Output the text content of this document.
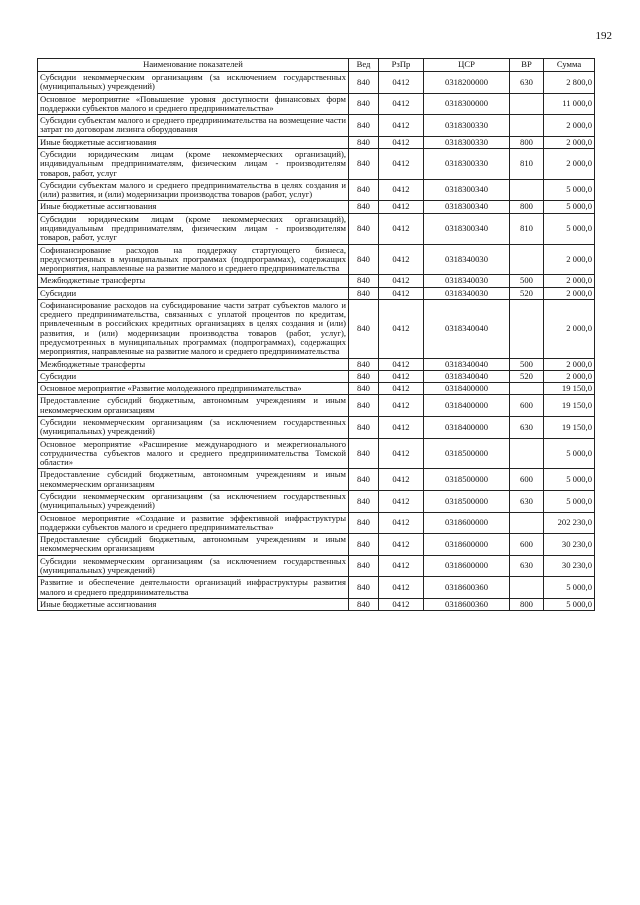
192
Наименование показателей	Вед	РзПр	ЦСР	ВР	Сумма
Субсидии некоммерческим организациям (за исключением государственных (муниципальных) учреждений)	840	0412	0318200000	630	2 800,0
Основное мероприятие «Повышение уровня доступности финансовых форм поддержки субъектов малого и среднего предпринимательства»	840	0412	0318300000		11 000,0
Субсидии субъектам малого и среднего предпринимательства на возмещение части затрат по договорам лизинга оборудования	840	0412	0318300330		2 000,0
Иные бюджетные ассигнования	840	0412	0318300330	800	2 000,0
Субсидии юридическим лицам (кроме некоммерческих организаций), индивидуальным предпринимателям, физическим лицам - производителям товаров, работ, услуг	840	0412	0318300330	810	2 000,0
Субсидии субъектам малого и среднего предпринимательства в целях создания и (или) развития, и (или) модернизации производства товаров (работ, услуг)	840	0412	0318300340		5 000,0
Иные бюджетные ассигнования	840	0412	0318300340	800	5 000,0
Субсидии юридическим лицам (кроме некоммерческих организаций), индивидуальным предпринимателям, физическим лицам - производителям товаров, работ, услуг	840	0412	0318300340	810	5 000,0
Софинансирование расходов на поддержку стартующего бизнеса, предусмотренных в муниципальных программах (подпрограммах), содержащих мероприятия, направленные на развитие малого и среднего предпринимательства	840	0412	0318340030		2 000,0
Межбюджетные трансферты	840	0412	0318340030	500	2 000,0
Субсидии	840	0412	0318340030	520	2 000,0
Софинансирование расходов на субсидирование части затрат субъектов малого и среднего предпринимательства, связанных с уплатой процентов по кредитам, привлеченным в российских кредитных организациях в целях создания и (или) развития, и (или) модернизации производства товаров (работ, услуг), предусмотренных в муниципальных программах (подпрограммах), содержащих мероприятия, направленные на развитие малого и среднего предпринимательства	840	0412	0318340040		2 000,0
Межбюджетные трансферты	840	0412	0318340040	500	2 000,0
Субсидии	840	0412	0318340040	520	2 000,0
Основное мероприятие «Развитие молодежного предпринимательства»	840	0412	0318400000		19 150,0
Предоставление субсидий бюджетным, автономным учреждениям и иным некоммерческим организациям	840	0412	0318400000	600	19 150,0
Субсидии некоммерческим организациям (за исключением государственных (муниципальных) учреждений)	840	0412	0318400000	630	19 150,0
Основное мероприятие «Расширение международного и межрегионального сотрудничества субъектов малого и среднего предпринимательства Томской области»	840	0412	0318500000		5 000,0
Предоставление субсидий бюджетным, автономным учреждениям и иным некоммерческим организациям	840	0412	0318500000	600	5 000,0
Субсидии некоммерческим организациям (за исключением государственных (муниципальных) учреждений)	840	0412	0318500000	630	5 000,0
Основное мероприятие «Создание и развитие эффективной инфраструктуры поддержки субъектов малого и среднего предпринимательства»	840	0412	0318600000		202 230,0
Предоставление субсидий бюджетным, автономным учреждениям и иным некоммерческим организациям	840	0412	0318600000	600	30 230,0
Субсидии некоммерческим организациям (за исключением государственных (муниципальных) учреждений)	840	0412	0318600000	630	30 230,0
Развитие и обеспечение деятельности организаций инфраструктуры развития малого и среднего предпринимательства	840	0412	0318600360		5 000,0
Иные бюджетные ассигнования	840	0412	0318600360	800	5 000,0
